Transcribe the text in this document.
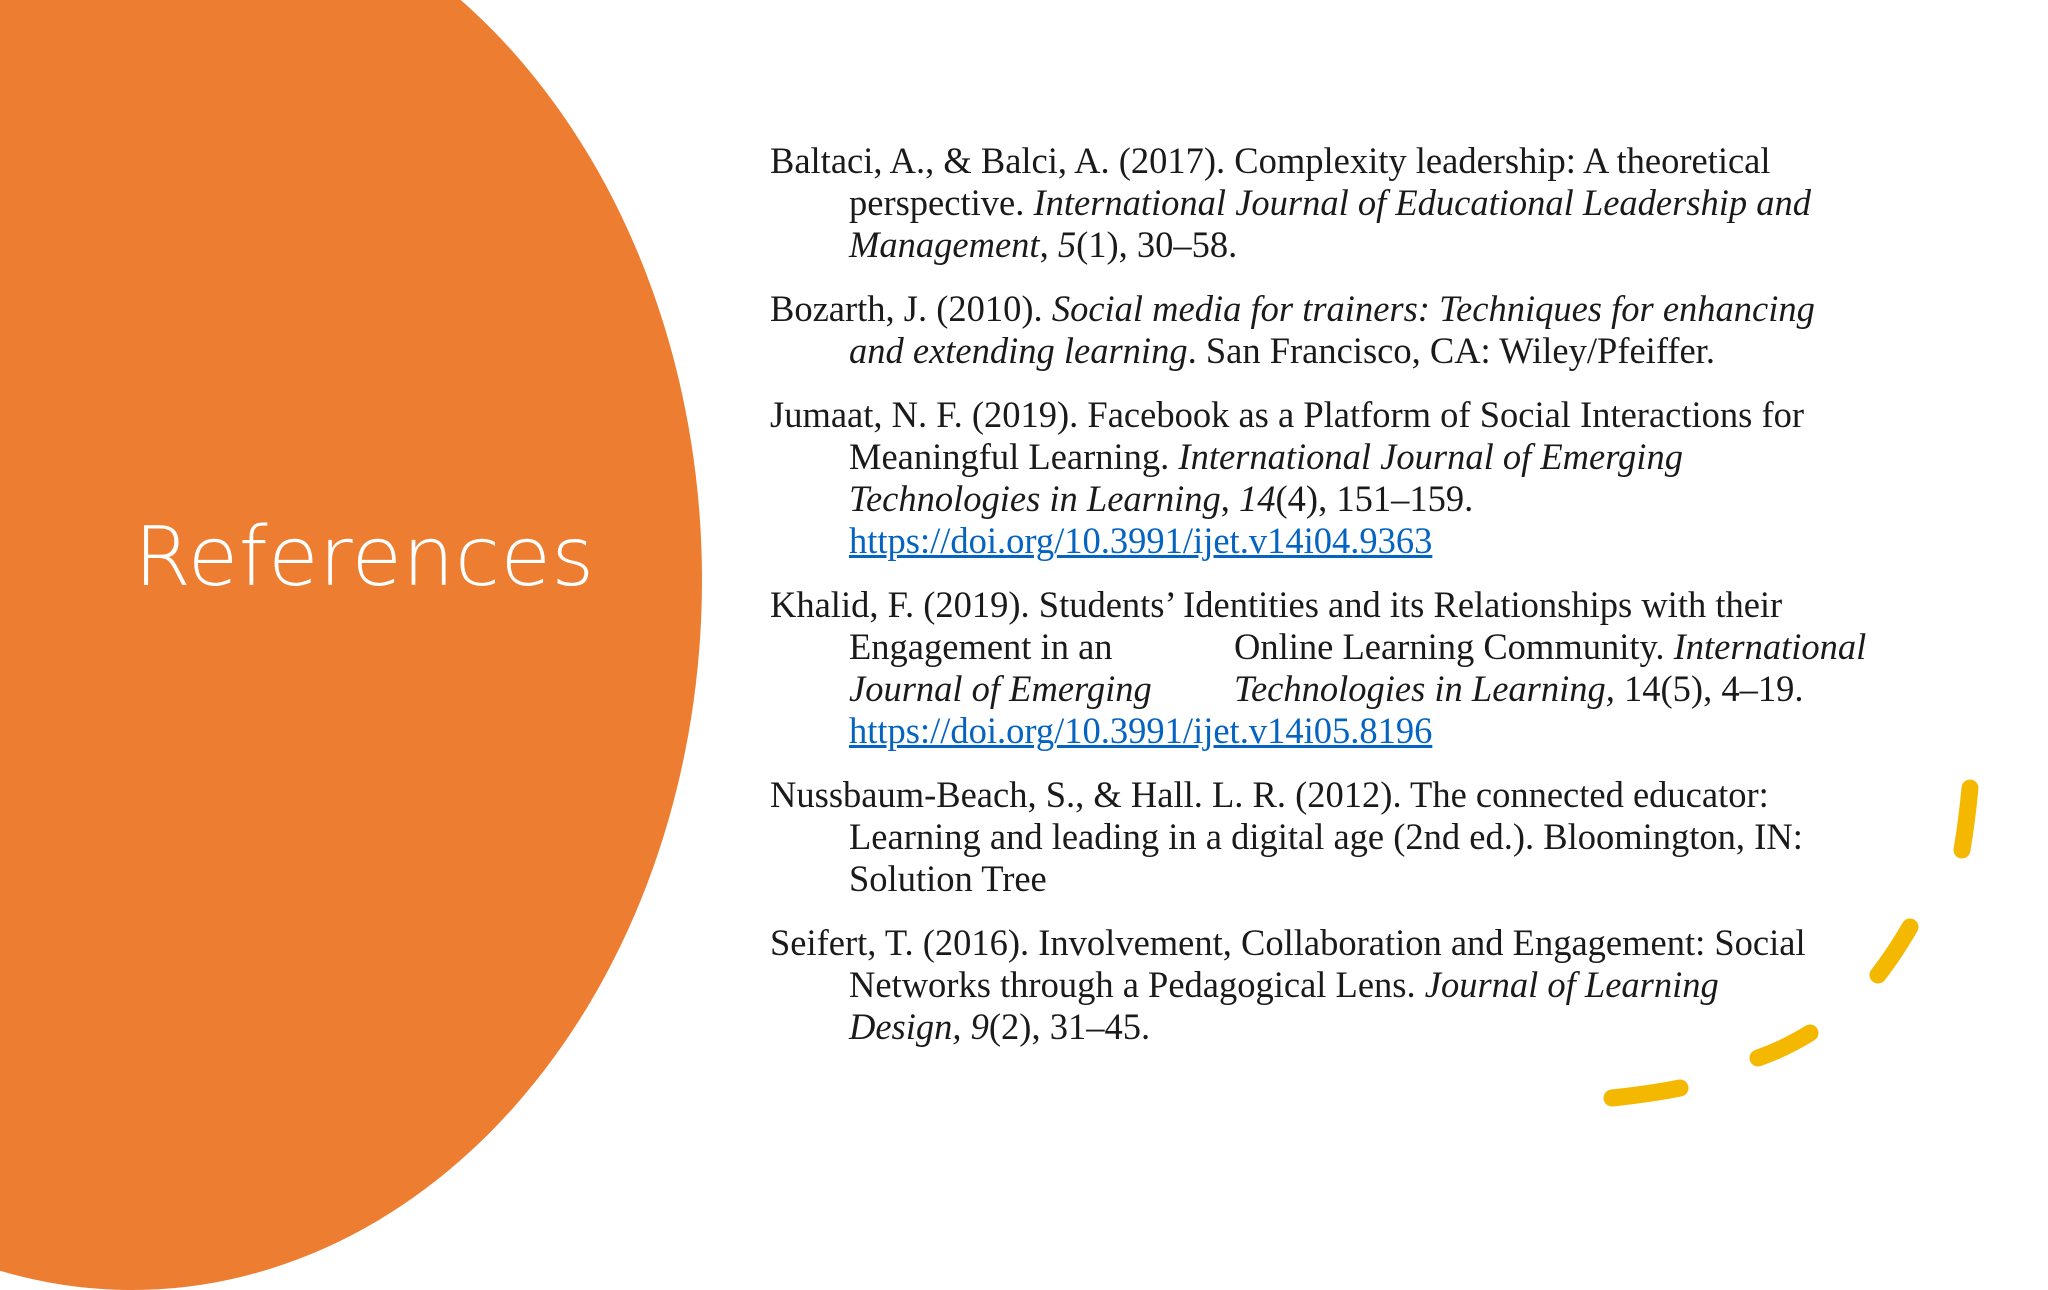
References
Baltaci, A., & Balci, A. (2017). Complexity leadership: A theoretical
perspective. International Journal of Educational Leadership and
Management, 5(1), 30–58.
Bozarth, J. (2010). Social media for trainers: Techniques for enhancing
and extending learning. San Francisco, CA: Wiley/Pfeiffer.
Jumaat, N. F. (2019). Facebook as a Platform of Social Interactions for
Meaningful Learning. International Journal of Emerging
Technologies in Learning, 14(4), 151–159.
https://doi.org/10.3991/ijet.v14i04.9363
Khalid, F. (2019). Students’ Identities and its Relationships with their
Engagement in an	Online Learning Community. International
Journal of Emerging Technologies in Learning, 14(5), 4–19.
https://doi.org/10.3991/ijet.v14i05.8196
Nussbaum-Beach, S., & Hall. L. R. (2012). The connected educator:
Learning and leading in a digital age (2nd ed.). Bloomington, IN:
Solution Tree
Seifert, T. (2016). Involvement, Collaboration and Engagement: Social
Networks through a Pedagogical Lens. Journal of Learning
Design, 9(2), 31–45.
